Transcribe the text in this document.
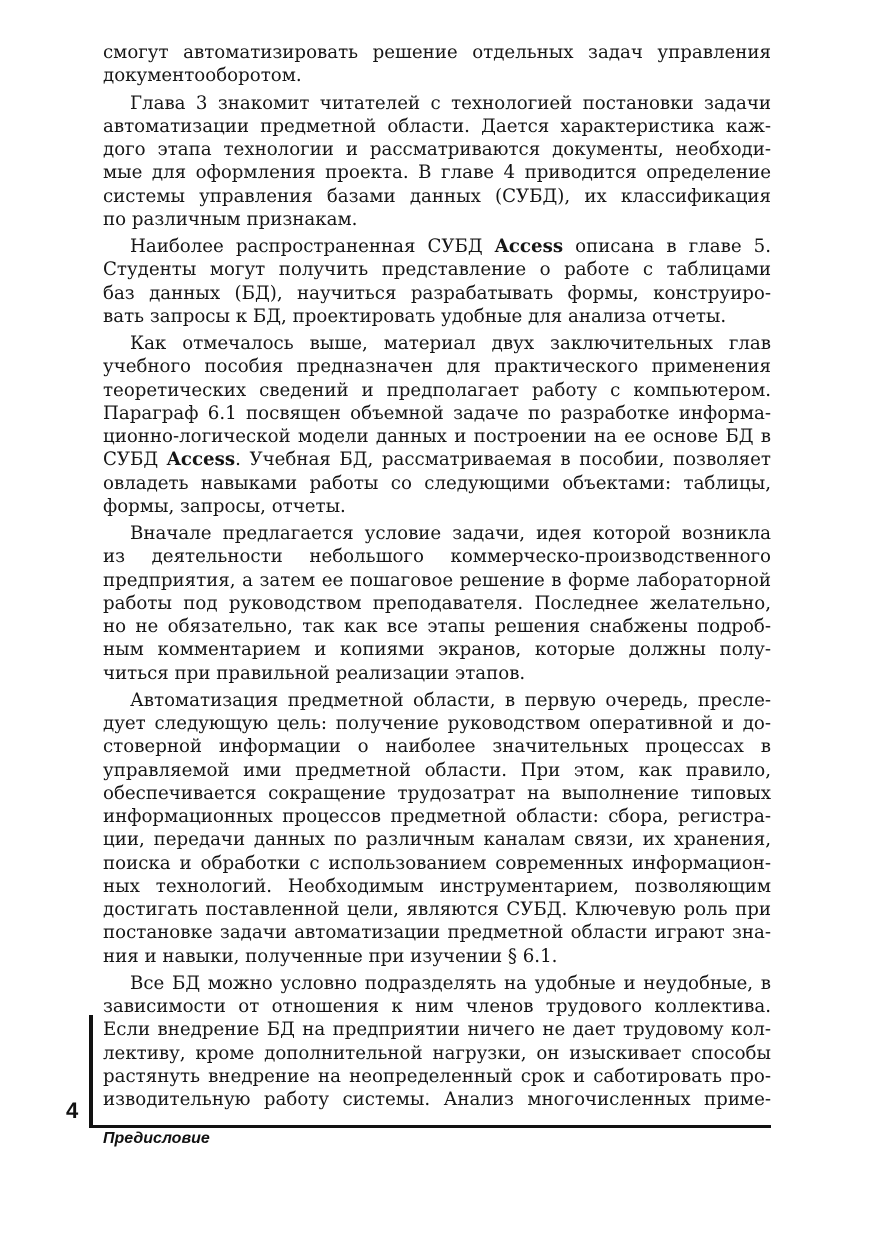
смогут автоматизировать решение отдельных задач управления
документооборотом.
Глава 3 знакомит читателей с технологией постановки задачи
автоматизации предметной области. Дается характеристика каж-
дого этапа технологии и рассматриваются документы, необходи-
мые для оформления проекта. В главе 4 приводится определение
системы управления базами данных (СУБД), их классификация
по различным признакам.
Наиболее распространенная СУБД Access описана в главе 5.
Студенты могут получить представление о работе с таблицами
баз данных (БД), научиться разрабатывать формы, конструиро-
вать запросы к БД, проектировать удобные для анализа отчеты.
Как отмечалось выше, материал двух заключительных глав
учебного пособия предназначен для практического применения
теоретических сведений и предполагает работу с компьютером.
Параграф 6.1 посвящен объемной задаче по разработке информа-
ционно-логической модели данных и построении на ее основе БД в
СУБД Access. Учебная БД, рассматриваемая в пособии, позволяет
овладеть навыками работы со следующими объектами: таблицы,
формы, запросы, отчеты.
Вначале предлагается условие задачи, идея которой возникла
из деятельности небольшого коммерческо-производственного
предприятия, а затем ее пошаговое решение в форме лабораторной
работы под руководством преподавателя. Последнее желательно,
но не обязательно, так как все этапы решения снабжены подроб-
ным комментарием и копиями экранов, которые должны полу-
читься при правильной реализации этапов.
Автоматизация предметной области, в первую очередь, пресле-
дует следующую цель: получение руководством оперативной и до-
стоверной информации о наиболее значительных процессах в
управляемой ими предметной области. При этом, как правило,
обеспечивается сокращение трудозатрат на выполнение типовых
информационных процессов предметной области: сбора, регистра-
ции, передачи данных по различным каналам связи, их хранения,
поиска и обработки с использованием современных информацион-
ных технологий. Необходимым инструментарием, позволяющим
достигать поставленной цели, являются СУБД. Ключевую роль при
постановке задачи автоматизации предметной области играют зна-
ния и навыки, полученные при изучении § 6.1.
Все БД можно условно подразделять на удобные и неудобные, в
зависимости от отношения к ним членов трудового коллектива.
Если внедрение БД на предприятии ничего не дает трудовому кол-
лективу, кроме дополнительной нагрузки, он изыскивает способы
растянуть внедрение на неопределенный срок и саботировать про-
изводительную работу системы. Анализ многочисленных приме-
4
Предисловие
